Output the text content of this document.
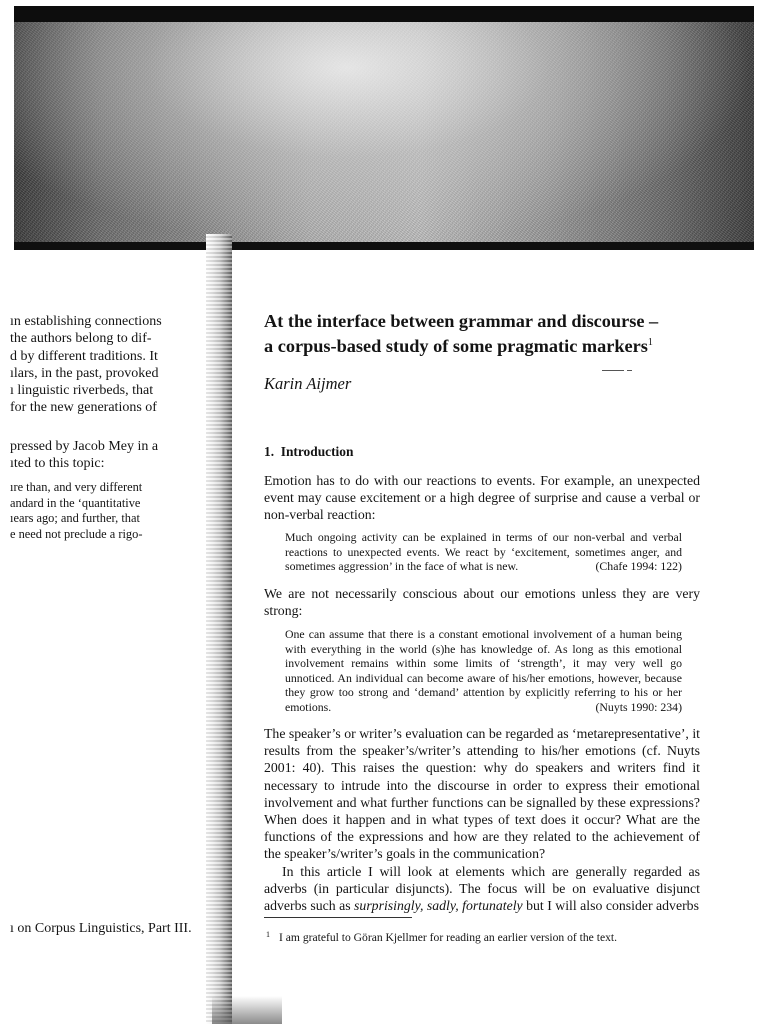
ın establishing connections
the authors belong to dif-
d by different traditions. It
ılars, in the past, provoked
ı linguistic riverbeds, that
for the new generations of
pressed by Jacob Mey in a
ıted to this topic:
ıre than, and very different
andard in the ‘quantitative
ıears ago; and further, that
e need not preclude a rigo-
ı on Corpus Linguistics, Part III.
At the interface between grammar and discourse –
a corpus-based study of some pragmatic markers$^1$
Karin Aijmer
1.  Introduction

Emotion has to do with our reactions to events. For example, an unexpected event may cause excitement or a high degree of surprise and cause a verbal or non-verbal reaction:

Much ongoing activity can be explained in terms of our non-verbal and verbal reactions to unexpected events. We react by ‘excitement, sometimes anger, and sometimes aggression’ in the face of what is new.	(Chafe 1994: 122)

We are not necessarily conscious about our emotions unless they are very strong:

One can assume that there is a constant emotional involvement of a human being with everything in the world (s)he has knowledge of. As long as this emotional involvement remains within some limits of ‘strength’, it may very well go unnoticed. An individual can become aware of his/her emotions, however, because they grow too strong and ‘demand’ attention by explicitly referring to his or her emotions.	(Nuyts 1990: 234)

The speaker’s or writer’s evaluation can be regarded as ‘metarepresentative’, it results from the speaker’s/writer’s attending to his/her emotions (cf. Nuyts 2001: 40). This raises the question: why do speakers and writers find it necessary to intrude into the discourse in order to express their emotional involvement and what further functions can be signalled by these expressions? When does it happen and in what types of text does it occur? What are the functions of the expressions and how are they related to the achievement of the speaker’s/writer’s goals in the communication?

In this article I will look at elements which are generally regarded as adverbs (in particular disjuncts). The focus will be on evaluative disjunct adverbs such as surprisingly, sadly, fortunately but I will also consider adverbs

$^1$ I am grateful to Göran Kjellmer for reading an earlier version of the text.
